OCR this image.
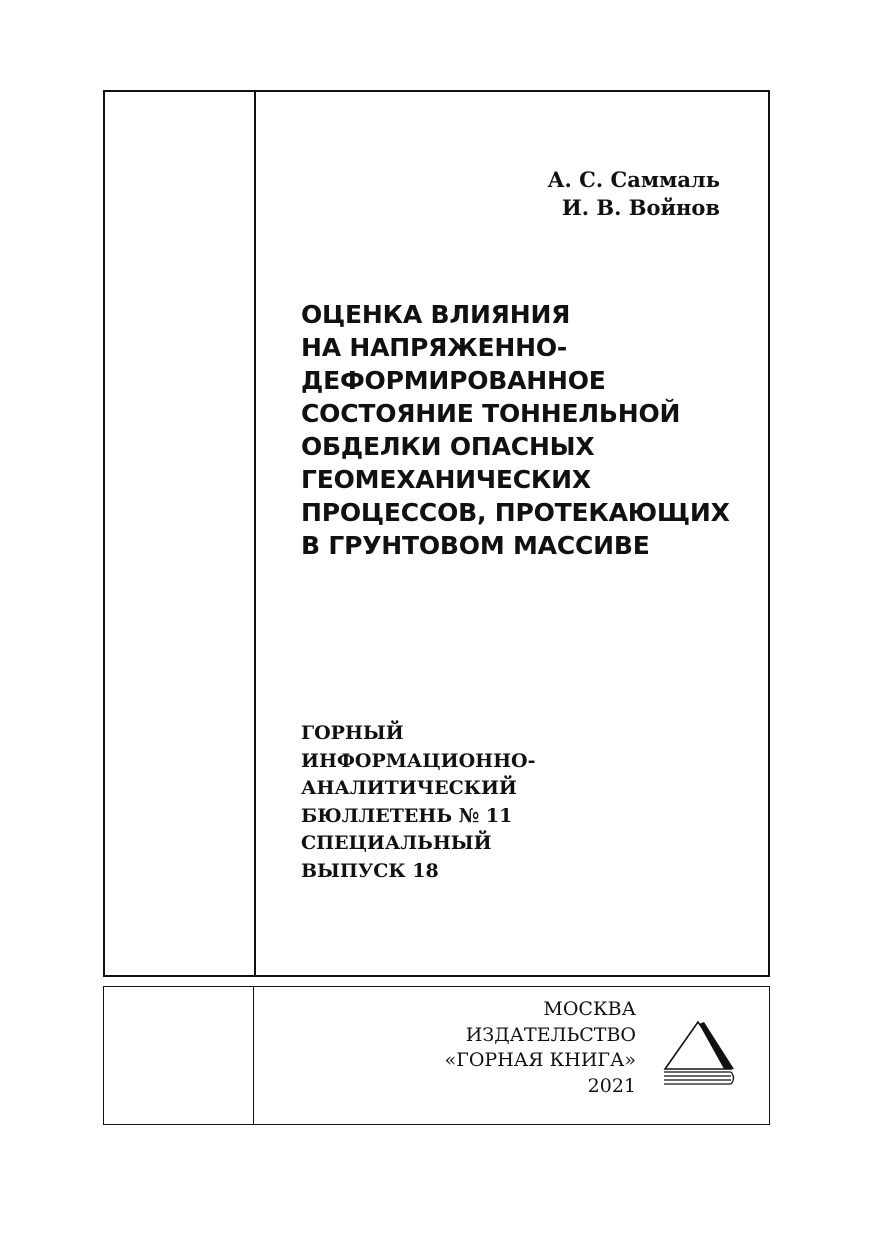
А. С. Саммаль
И. В. Войнов
ОЦЕНКА ВЛИЯНИЯ
НА НАПРЯЖЕННО-
ДЕФОРМИРОВАННОЕ
СОСТОЯНИЕ ТОННЕЛЬНОЙ
ОБДЕЛКИ ОПАСНЫХ
ГЕОМЕХАНИЧЕСКИХ
ПРОЦЕССОВ, ПРОТЕКАЮЩИХ
В ГРУНТОВОМ МАССИВЕ
ГОРНЫЙ
ИНФОРМАЦИОННО-
АНАЛИТИЧЕСКИЙ
БЮЛЛЕТЕНЬ № 11
СПЕЦИАЛЬНЫЙ
ВЫПУСК 18
МОСКВА
ИЗДАТЕЛЬСТВО
«ГОРНАЯ КНИГА»
2021
